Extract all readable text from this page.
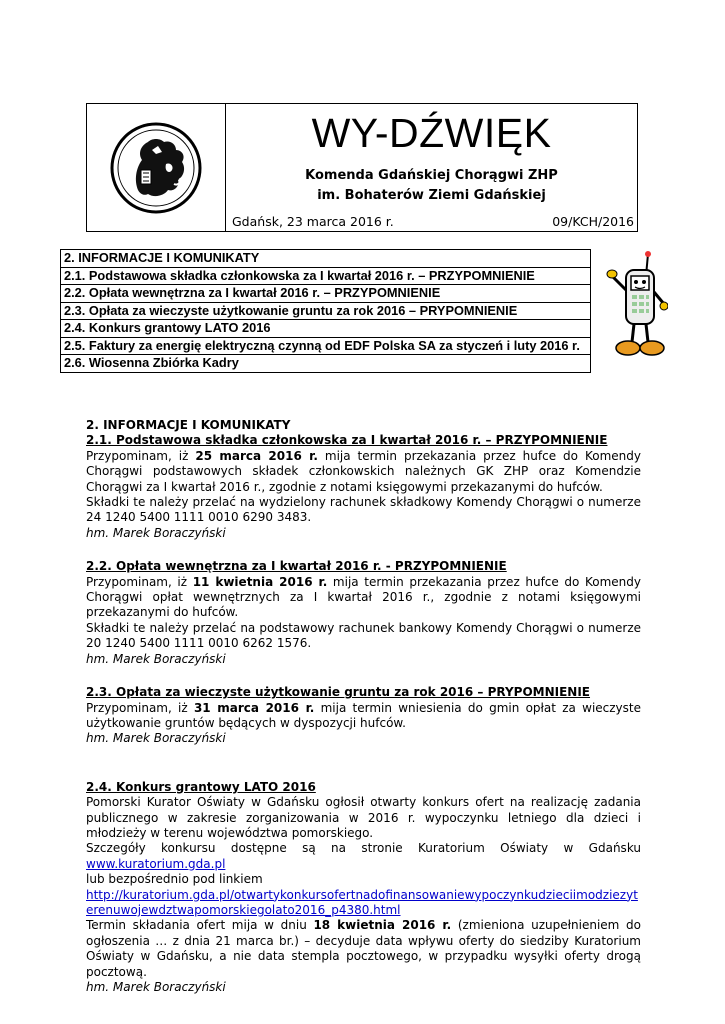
WY-DŹWIĘK
Komenda Gdańskiej Chorągwi ZHP
im. Bohaterów Ziemi Gdańskiej
Gdańsk, 23 marca 2016 r.	09/KCH/2016
2. INFORMACJE I KOMUNIKATY
2.1. Podstawowa składka członkowska za I kwartał 2016 r. – PRZYPOMNIENIE
2.2. Opłata wewnętrzna za I kwartał 2016 r. – PRZYPOMNIENIE
2.3. Opłata za wieczyste użytkowanie gruntu za rok 2016 – PRYPOMNIENIE
2.4. Konkurs grantowy LATO 2016
2.5. Faktury za energię elektryczną czynną od EDF Polska SA za styczeń i luty 2016 r.
2.6. Wiosenna Zbiórka Kadry
2. INFORMACJE I KOMUNIKATY
2.1. Podstawowa składka członkowska za I kwartał 2016 r. – PRZYPOMNIENIE
Przypominam, iż 25 marca 2016 r. mija termin przekazania przez hufce do Komendy Chorągwi podstawowych składek członkowskich należnych GK ZHP oraz Komendzie Chorągwi za I kwartał 2016 r., zgodnie z notami księgowymi przekazanymi do hufców.
Składki te należy przelać na wydzielony rachunek składkowy Komendy Chorągwi o numerze 24 1240 5400 1111 0010 6290 3483.
hm. Marek Boraczyński
2.2. Opłata wewnętrzna za I kwartał 2016 r. - PRZYPOMNIENIE
Przypominam, iż 11 kwietnia 2016 r. mija termin przekazania przez hufce do Komendy Chorągwi opłat wewnętrznych za I kwartał 2016 r., zgodnie z notami księgowymi przekazanymi do hufców.
Składki te należy przelać na podstawowy rachunek bankowy Komendy Chorągwi o numerze 20 1240 5400 1111 0010 6262 1576.
hm. Marek Boraczyński
2.3. Opłata za wieczyste użytkowanie gruntu za rok 2016 – PRYPOMNIENIE
Przypominam, iż 31 marca 2016 r. mija termin wniesienia do gmin opłat za wieczyste użytkowanie gruntów będących w dyspozycji hufców.
hm. Marek Boraczyński
2.4. Konkurs grantowy LATO 2016
Pomorski Kurator Oświaty w Gdańsku ogłosił otwarty konkurs ofert na realizację zadania publicznego w zakresie zorganizowania w 2016 r. wypoczynku letniego dla dzieci i młodzieży w terenu województwa pomorskiego.
Szczegóły konkursu dostępne są na stronie Kuratorium Oświaty w Gdańsku www.kuratorium.gda.pl
lub bezpośrednio pod linkiem
http://kuratorium.gda.pl/otwartykonkursofertnadofinansowaniewypoczynkudzieciimodziezyterenuwojewdztwapomorskiegolato2016_p4380.html
Termin składania ofert mija w dniu 18 kwietnia 2016 r. (zmieniona uzupełnieniem do ogłoszenia … z dnia 21 marca br.) – decyduje data wpływu oferty do siedziby Kuratorium Oświaty w Gdańsku, a nie data stempla pocztowego, w przypadku wysyłki oferty drogą pocztową.
hm. Marek Boraczyński
